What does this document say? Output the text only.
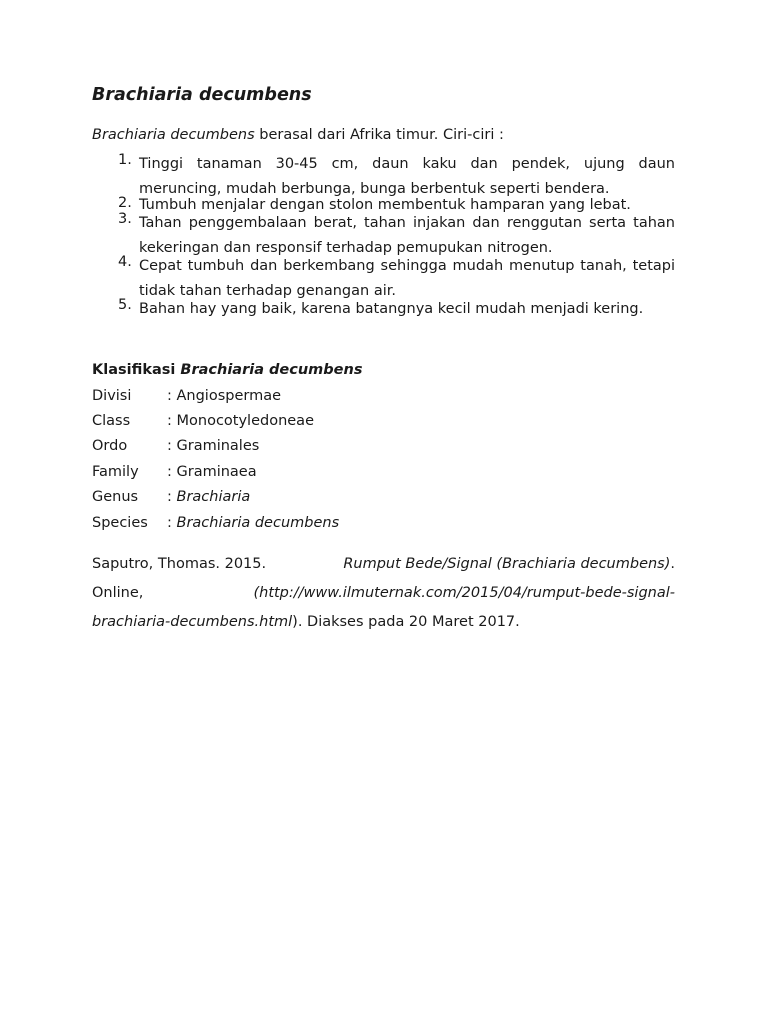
Brachiaria decumbens

Brachiaria decumbens berasal dari Afrika timur. Ciri-ciri :

1. Tinggi tanaman 30-45 cm, daun kaku dan pendek, ujung daun meruncing, mudah berbunga, bunga berbentuk seperti bendera.
2. Tumbuh menjalar dengan stolon membentuk hamparan yang lebat.
3. Tahan penggembalaan berat, tahan injakan dan renggutan serta tahan kekeringan dan responsif terhadap pemupukan nitrogen.
4. Cepat tumbuh dan berkembang sehingga mudah menutup tanah, tetapi tidak tahan terhadap genangan air.
5. Bahan hay yang baik, karena batangnya kecil mudah menjadi kering.

Klasifikasi Brachiaria decumbens

Divisi : Angiospermae
Class	: Monocotyledoneae
Ordo	: Graminales
Family : Graminaea
Genus : Brachiaria
Species : Brachiaria decumbens
Saputro, Thomas. 2015.	Rumput Bede/Signal (Brachiaria decumbens).
Online,	(http://www.ilmuternak.com/2015/04/rumput-bede-signal-
brachiaria-decumbens.html). Diakses pada 20 Maret 2017.
